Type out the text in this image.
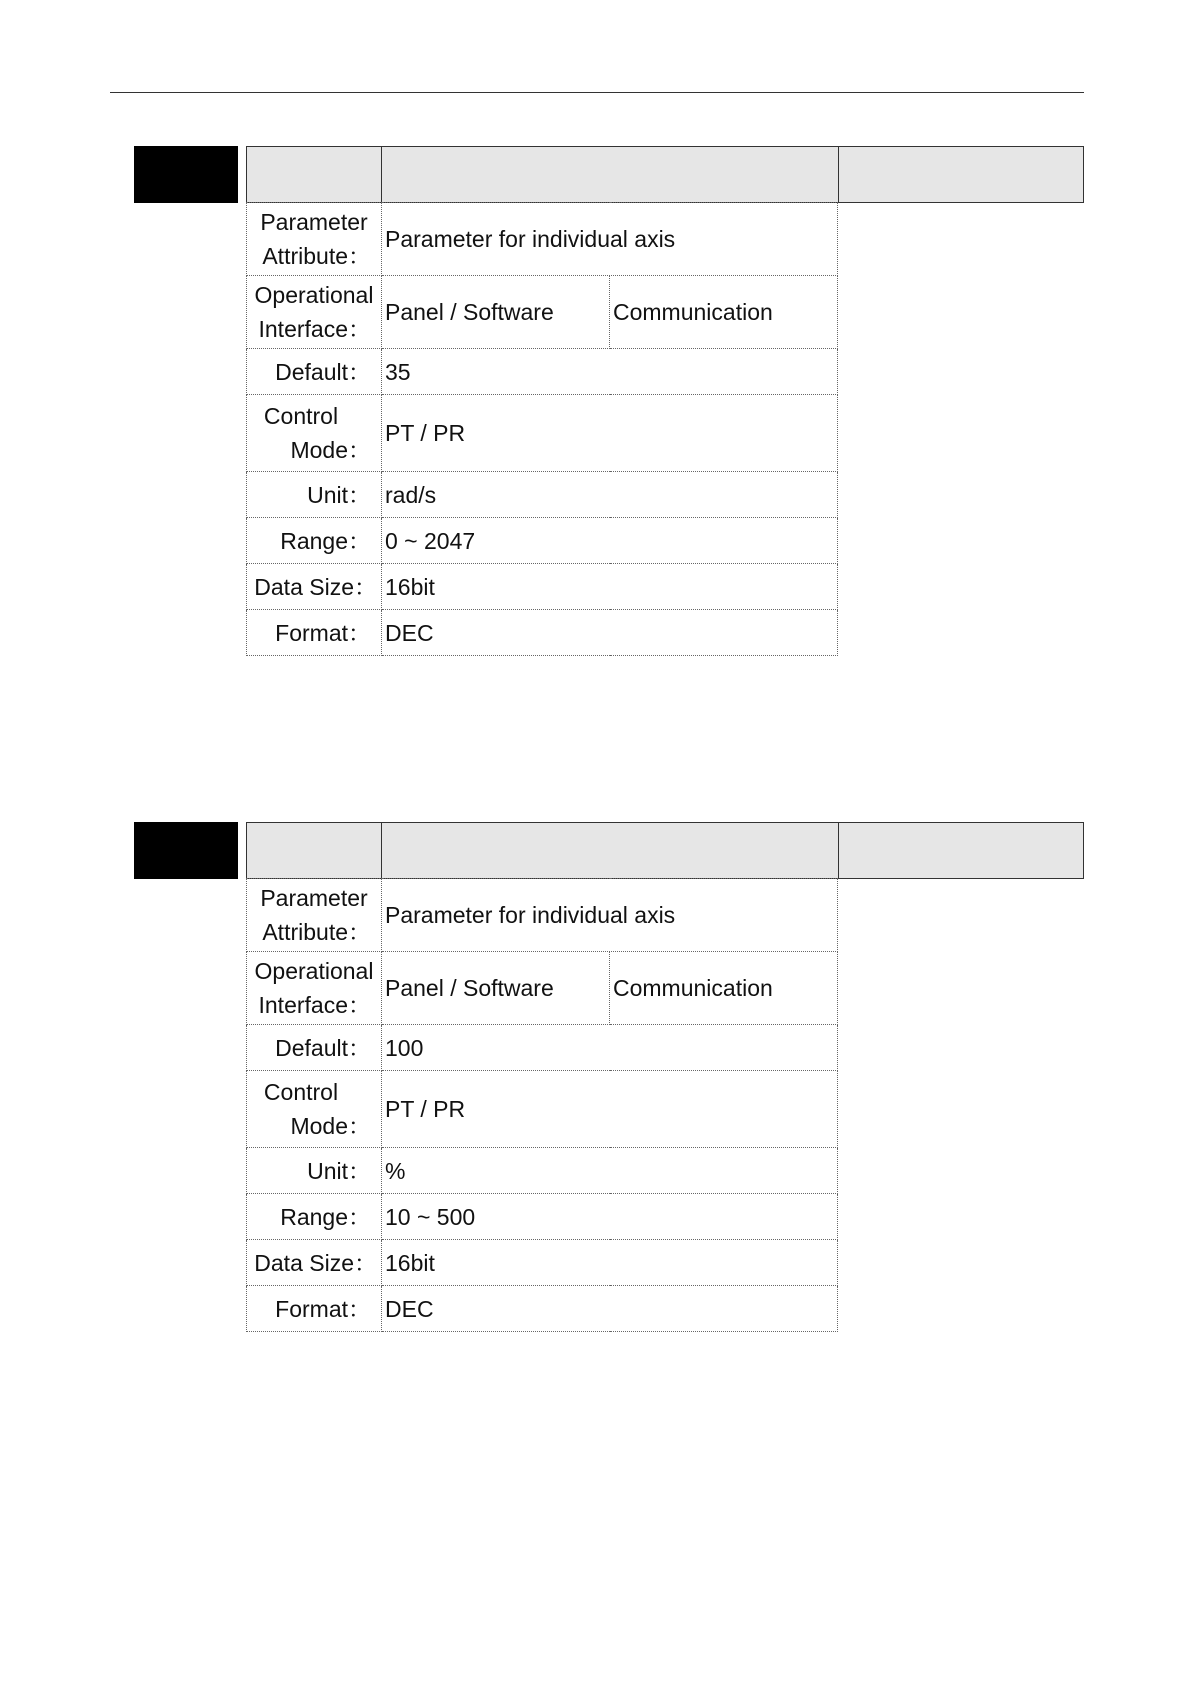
Parameter
Attribute：	Parameter for individual axis	

Operational
Interface：	Panel / Software	Communication
Default：	35	

Control
Mode：	PT / PR	
Unit：	rad/s	
Range：	0 ~ 2047	
Data Size：	16bit	
Format：	DEC	
Parameter
Attribute：	Parameter for individual axis	

Operational
Interface：	Panel / Software	Communication
Default：	100	

Control
Mode：	PT / PR	
Unit：	%	
Range：	10 ~ 500	
Data Size：	16bit	
Format：	DEC	
